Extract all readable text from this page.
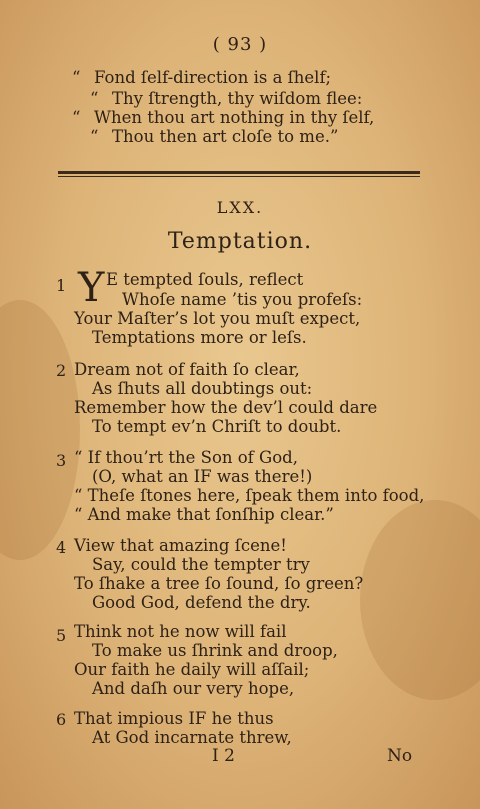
( 93 )
“ Fond ſelf-direction is a ſhelf;
“ Thy ſtrength, thy wiſdom flee:
“ When thou art nothing in thy ſelf,
“ Thou then art cloſe to me.”
LXX.
Temptation.
1 Y E tempted ſouls, reflect
Whoſe name ’tis you profeſs:
Your Maſter’s lot you muſt expect,
Temptations more or leſs.
2 Dream not of faith ſo clear,
As ſhuts all doubtings out:
Remember how the dev’l could dare
To tempt ev’n Chriſt to doubt.
3 “ If thou’rt the Son of God,
(O, what an IF was there!)
“ Theſe ſtones here, ſpeak them into food,
“ And make that ſonſhip clear.”
4 View that amazing ſcene!
Say, could the tempter try
To ſhake a tree ſo ſound, ſo green?
Good God, defend the dry.
5 Think not he now will fail
To make us ſhrink and droop,
Our faith he daily will aſſail;
And daſh our very hope,
6 That impious IF he thus
At God incarnate threw,
I 2	No
